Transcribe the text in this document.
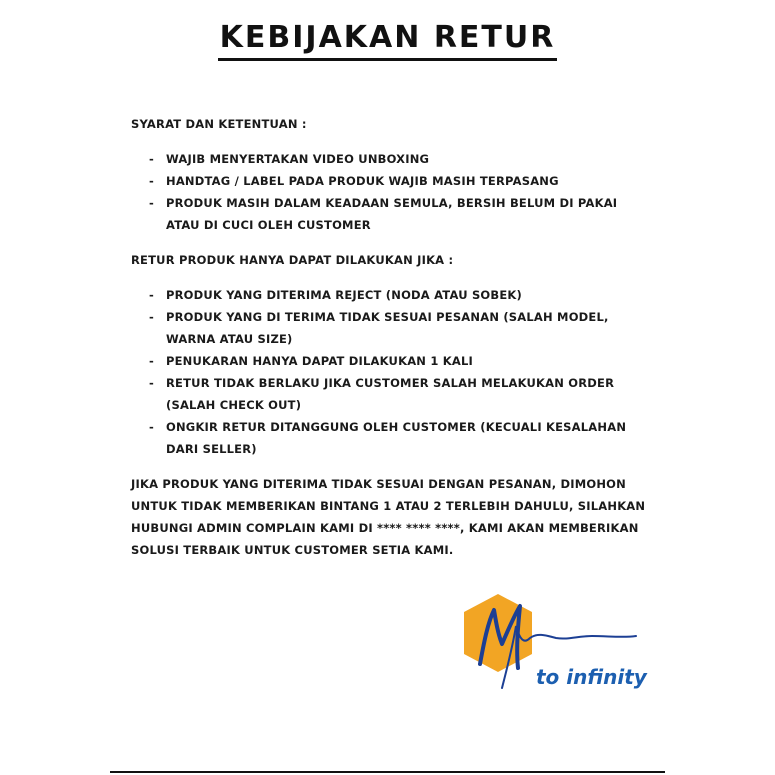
KEBIJAKAN RETUR

SYARAT DAN KETENTUAN :

- WAJIB MENYERTAKAN VIDEO UNBOXING
- HANDTAG / LABEL PADA PRODUK WAJIB MASIH TERPASANG
- PRODUK MASIH DALAM KEADAAN SEMULA, BERSIH BELUM DI PAKAI ATAU DI CUCI OLEH CUSTOMER

RETUR PRODUK HANYA DAPAT DILAKUKAN JIKA :

- PRODUK YANG DITERIMA REJECT (NODA ATAU SOBEK)
- PRODUK YANG DI TERIMA TIDAK SESUAI PESANAN (SALAH MODEL, WARNA ATAU SIZE)
- PENUKARAN HANYA DAPAT DILAKUKAN 1 KALI
- RETUR TIDAK BERLAKU JIKA CUSTOMER SALAH MELAKUKAN ORDER (SALAH CHECK OUT)
- ONGKIR RETUR DITANGGUNG OLEH CUSTOMER (KECUALI KESALAHAN DARI SELLER)

JIKA PRODUK YANG DITERIMA TIDAK SESUAI DENGAN PESANAN, DIMOHON UNTUK TIDAK MEMBERIKAN BINTANG 1 ATAU 2 TERLEBIH DAHULU, SILAHKAN HUBUNGI ADMIN COMPLAIN KAMI DI **** **** ****, KAMI AKAN MEMBERIKAN SOLUSI TERBAIK UNTUK CUSTOMER SETIA KAMI.

to infinity
